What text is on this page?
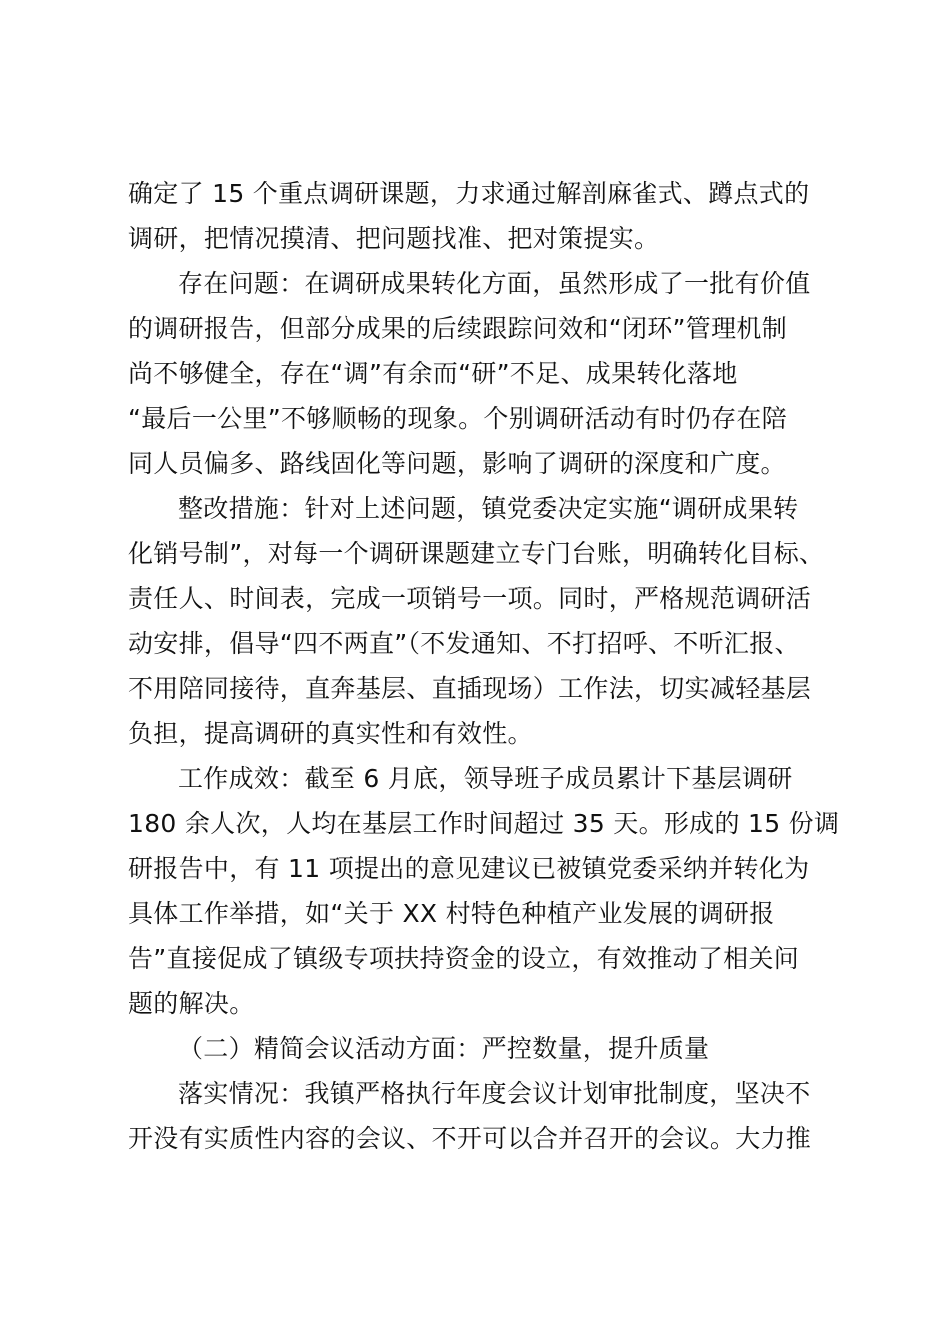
确定了 15 个重点调研课题，力求通过解剖麻雀式、蹲点式的
调研，把情况摸清、把问题找准、把对策提实。
存在问题：在调研成果转化方面，虽然形成了一批有价值
的调研报告，但部分成果的后续跟踪问效和“闭环”管理机制
尚不够健全，存在“调”有余而“研”不足、成果转化落地
“最后一公里”不够顺畅的现象。个别调研活动有时仍存在陪
同人员偏多、路线固化等问题，影响了调研的深度和广度。
整改措施：针对上述问题，镇党委决定实施“调研成果转
化销号制”，对每一个调研课题建立专门台账，明确转化目标、
责任人、时间表，完成一项销号一项。同时，严格规范调研活
动安排，倡导“四不两直”（不发通知、不打招呼、不听汇报、
不用陪同接待，直奔基层、直插现场）工作法，切实减轻基层
负担，提高调研的真实性和有效性。
工作成效：截至 6 月底，领导班子成员累计下基层调研
180 余人次，人均在基层工作时间超过 35 天。形成的 15 份调
研报告中，有 11 项提出的意见建议已被镇党委采纳并转化为
具体工作举措，如“关于 XX 村特色种植产业发展的调研报
告”直接促成了镇级专项扶持资金的设立，有效推动了相关问
题的解决。
（二）精简会议活动方面：严控数量，提升质量
落实情况：我镇严格执行年度会议计划审批制度，坚决不
开没有实质性内容的会议、不开可以合并召开的会议。大力推
